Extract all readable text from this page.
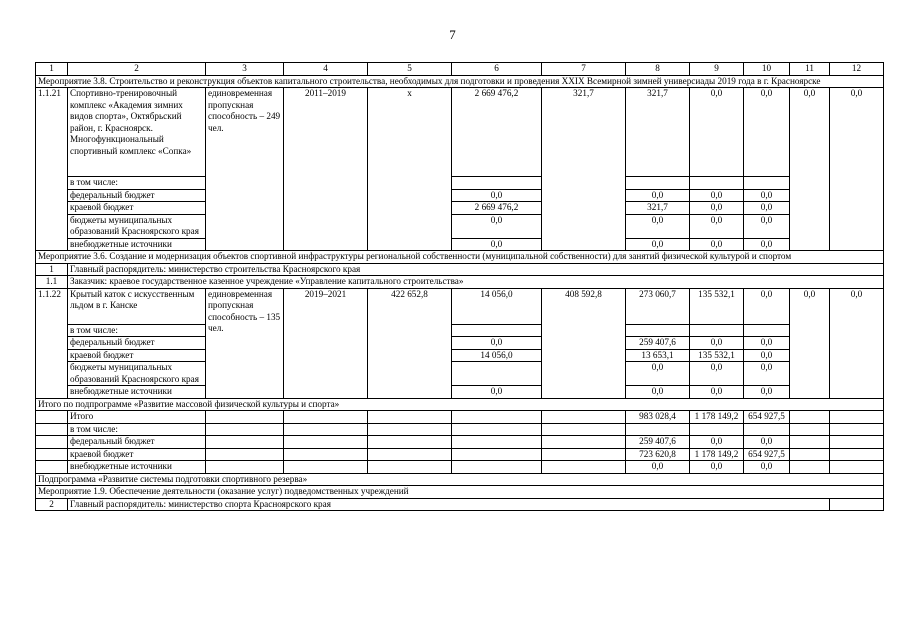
7
1	2	3	4	5	6	7	8	9	10	11	12
Мероприятие 3.8. Строительство и реконструкция объектов капитального строительства, необходимых для подготовки и проведения XXIX Всемирной зимней универсиады 2019 года в г. Красноярске											
1.1.21	Спортивно-тренировочный комплекс «Академия зимних видов спорта», Октябрьский район, г. Красноярск. Многофункциональный спортивный комплекс «Сопка»	единовременная пропускная способность – 249 чел.	2011–2019	х	2 669 476,2	321,7	321,7	0,0	0,0	0,0	0,0
	в том числе:										
	федеральный бюджет				0,0		0,0	0,0	0,0		
	краевой бюджет				2 669 476,2		321,7	0,0	0,0		
	бюджеты муниципальных образований Красноярского края				0,0		0,0	0,0	0,0		
	внебюджетные источники				0,0		0,0	0,0	0,0		
Мероприятие 3.6. Создание и модернизация объектов спортивной инфраструктуры региональной собственности (муниципальной собственности) для занятий физической культурой и спортом											
1	Главный распорядитель: министерство строительства Красноярского края										
1.1	Заказчик: краевое государственное казенное учреждение «Управление капитального строительства»										
1.1.22	Крытый каток с искусственным льдом в г. Канске	единовременная пропускная способность – 135 чел.	2019–2021	422 652,8	14 056,0	408 592,8	273 060,7	135 532,1	0,0	0,0	0,0
	в том числе:										
	федеральный бюджет				0,0		259 407,6	0,0	0,0		
	краевой бюджет				14 056,0		13 653,1	135 532,1	0,0		
	бюджеты муниципальных образований Красноярского края						0,0	0,0	0,0		
	внебюджетные источники				0,0		0,0	0,0	0,0		
Итого по подпрограмме «Развитие массовой физической культуры и спорта»											
	Итого						983 028,4	1 178 149,2	654 927,5		
	в том числе:										
	федеральный бюджет						259 407,6	0,0	0,0		
	краевой бюджет						723 620,8	1 178 149,2	654 927,5		
	внебюджетные источники						0,0	0,0	0,0		
Подпрограмма «Развитие системы подготовки спортивного резерва»											
Мероприятие 1.9. Обеспечение деятельности (оказание услуг) подведомственных учреждений											
2	Главный распорядитель: министерство спорта Красноярского края										
